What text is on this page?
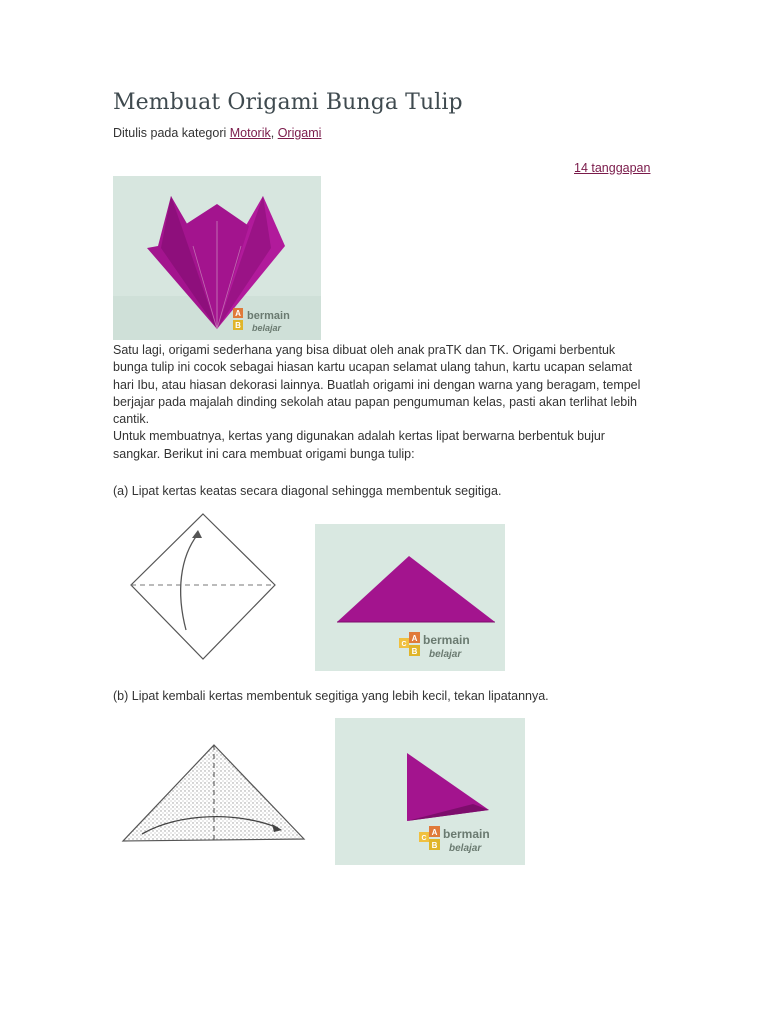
Membuat Origami Bunga Tulip
Ditulis pada kategori Motorik, Origami
14 tanggapan
A
B
bermain
belajar

Satu lagi, origami sederhana yang bisa dibuat oleh anak praTK dan TK. Origami berbentuk bunga tulip ini cocok sebagai hiasan kartu ucapan selamat ulang tahun, kartu ucapan selamat hari Ibu, atau hiasan dekorasi lainnya. Buatlah origami ini dengan warna yang beragam, tempel berjajar pada majalah dinding sekolah atau papan pengumuman kelas, pasti akan terlihat lebih cantik.

Untuk membuatnya, kertas yang digunakan adalah kertas lipat berwarna berbentuk bujur sangkar. Berikut ini cara membuat origami bunga tulip:

(a) Lipat kertas keatas secara diagonal sehingga membentuk segitiga.
A
B
C bermain
belajar
(b) Lipat kembali kertas membentuk segitiga yang lebih kecil, tekan lipatannya.
A
B
C bermain
belajar
